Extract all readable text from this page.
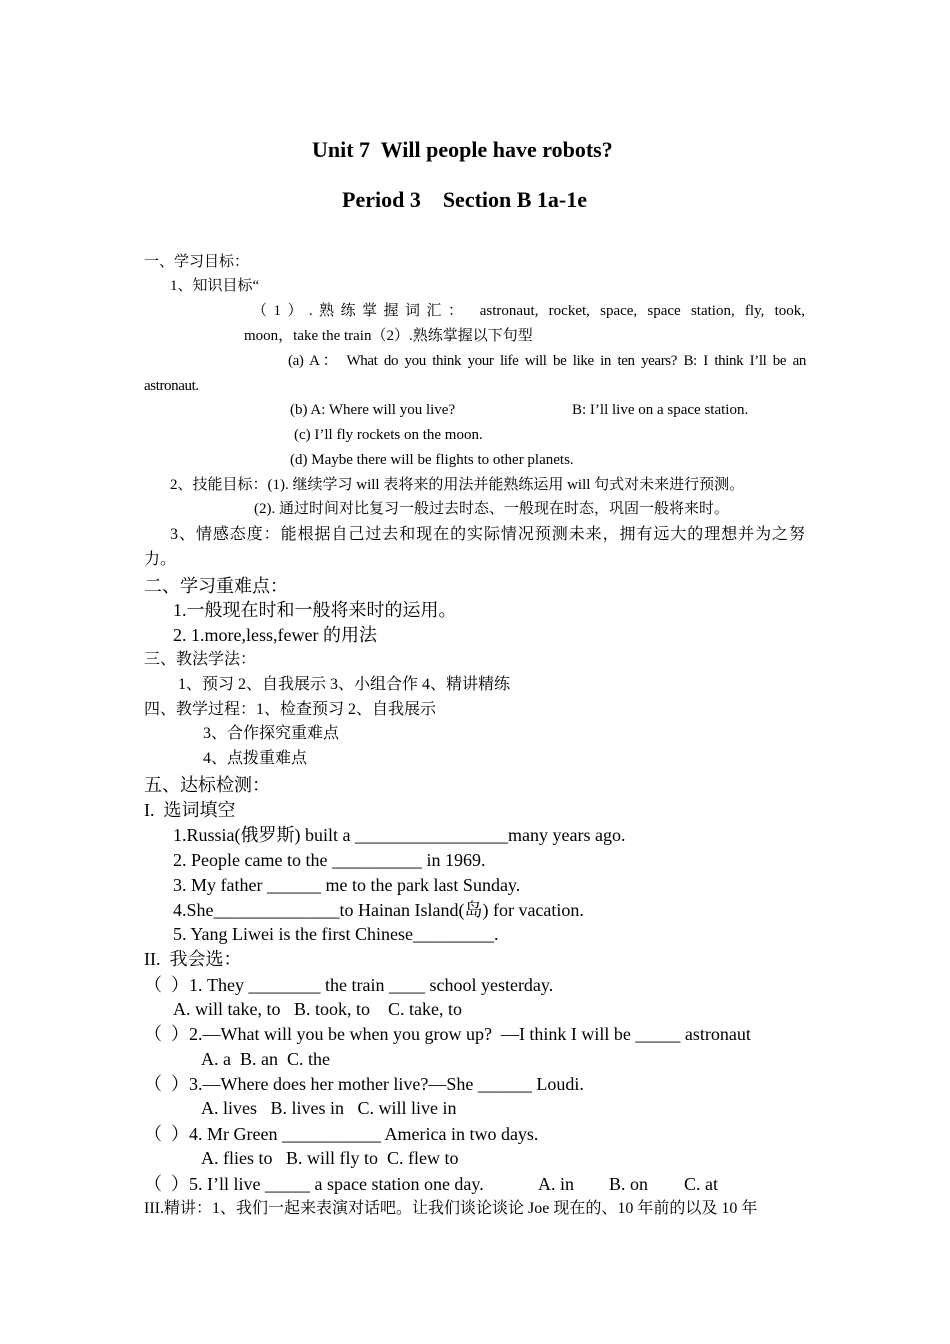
Unit 7  Will people have robots?
Period 3    Section B 1a-1e
一、学习目标：
1、知识目标“
（1）.熟练掌握词汇： astronaut, rocket, space, space station, fly, took,
moon，take the train（2）.熟练掌握以下句型
(a) A： What do you think your life will be like in ten years? B: I think I’ll be an
astronaut.
(b) A: Where will you live?	B: I’ll live on a space station.
(c) I’ll fly rockets on the moon.
(d) Maybe there will be flights to other planets.
2、技能目标：(1). 继续学习 will 表将来的用法并能熟练运用 will 句式对未来进行预测。
(2). 通过时间对比复习一般过去时态、一般现在时态，巩固一般将来时。
3、情感态度：能根据自己过去和现在的实际情况预测未来，拥有远大的理想并为之努
力。
二、学习重难点：
1.一般现在时和一般将来时的运用。
2. 1.more,less,fewer 的用法
三、教法学法：
1、预习 2、自我展示 3、小组合作 4、精讲精练
四、教学过程：1、检查预习 2、自我展示
3、合作探究重难点
4、点拨重难点
五、达标检测：
I.  选词填空
1.Russia(俄罗斯) built a _________________many years ago.
2. People came to the __________ in 1969.
3. My father ______ me to the park last Sunday.
4.She______________to Hainan Island(岛) for vacation.
5. Yang Liwei is the first Chinese_________.
II.  我会选：
（  ）1. They ________ the train ____ school yesterday.
A. will take, to   B. took, to    C. take, to
（  ）2.—What will you be when you grow up?  —I think I will be _____ astronaut
A. a  B. an  C. the
（  ）3.—Where does her mother live?—She ______ Loudi.
A. lives   B. lives in   C. will live in
（  ）4. Mr Green ___________ America in two days.
A. flies to   B. will fly to  C. flew to
（  ）5. I’ll live _____ a space station one day.	A. in B. on C. at
III.精讲：1、我们一起来表演对话吧。让我们谈论谈论 Joe 现在的、10 年前的以及 10 年
